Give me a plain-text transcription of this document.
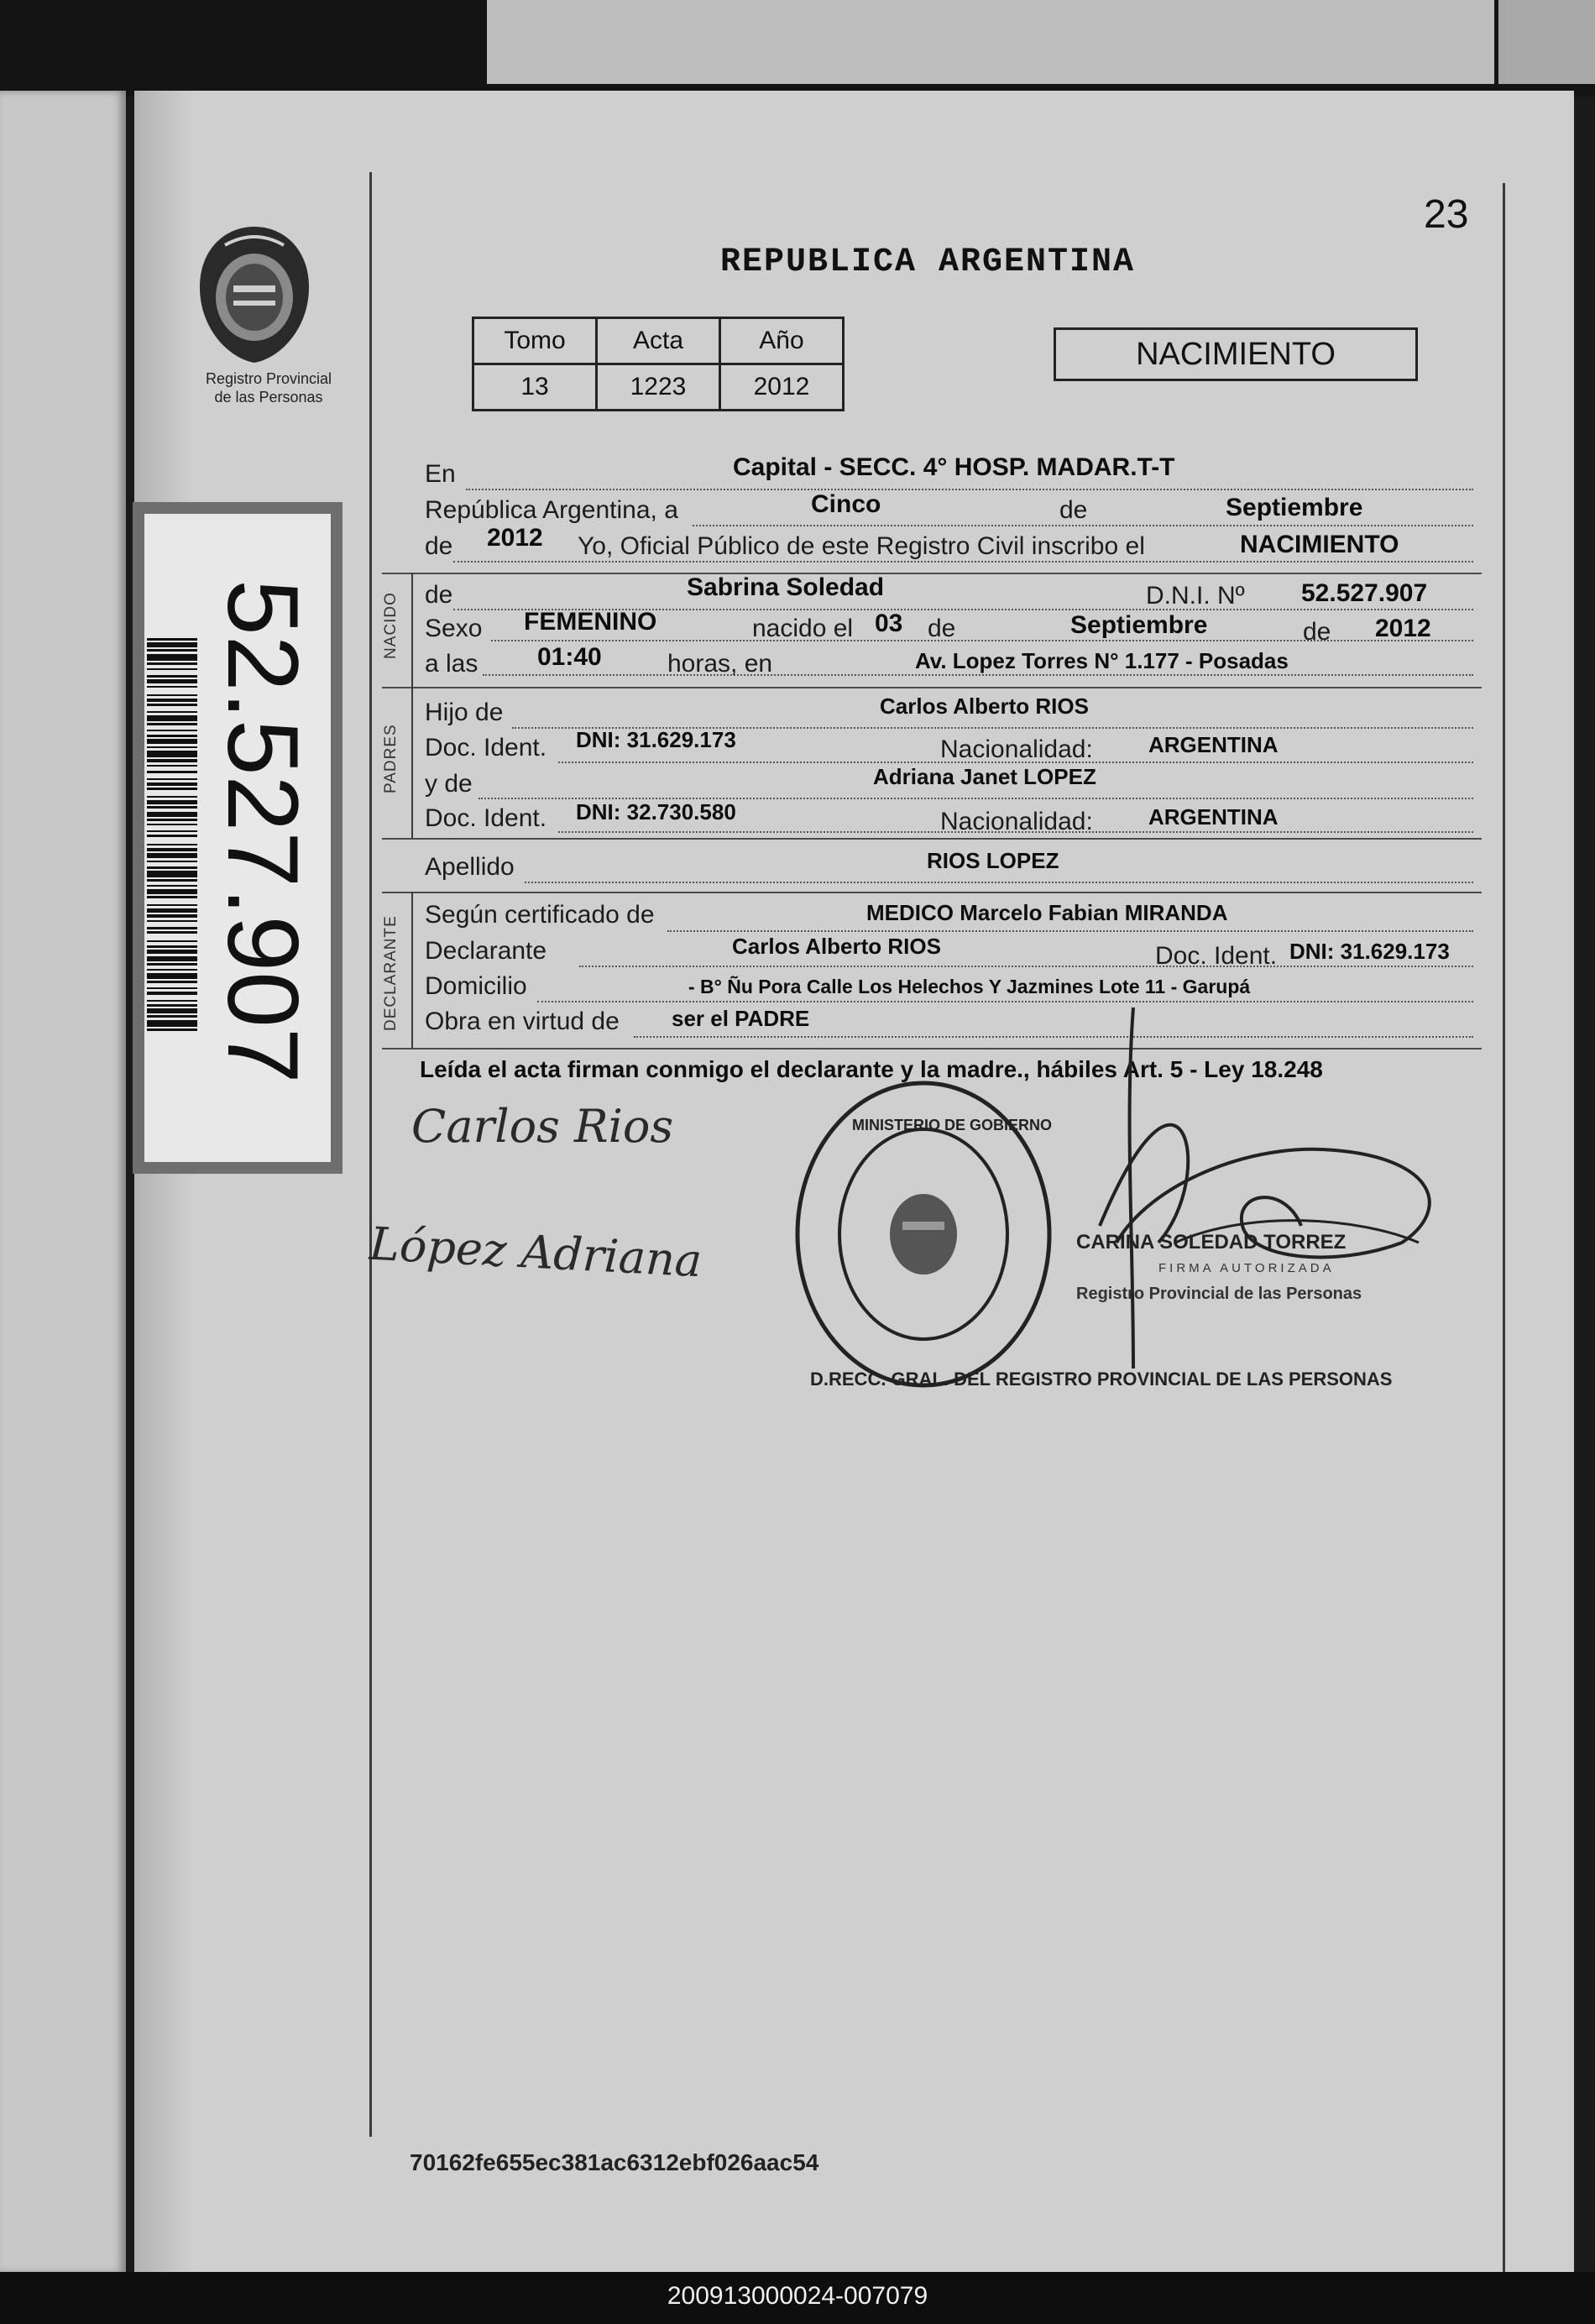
Registro Provincial
de las Personas
52.527.907
23
REPUBLICA ARGENTINA
Tomo	Acta	Año
13	1223	2012
NACIMIENTO
NACIDO
PADRES
DECLARANTE
En	Capital - SECC. 4° HOSP. MADAR.T-T
República Argentina, a	Cinco	de	Septiembre
de 2012 Yo, Oficial Público de este Registro Civil inscribo el	NACIMIENTO
de	Sabrina Soledad	D.N.I. Nº 52.527.907
Sexo FEMENINO	nacido el 03 de	Septiembre	de 2012
a las 01:40	horas, en	Av. Lopez Torres N° 1.177 - Posadas
Hijo de	Carlos Alberto RIOS
Doc. Ident. DNI: 31.629.173	Nacionalidad:	ARGENTINA
y de	Adriana Janet LOPEZ
Doc. Ident. DNI: 32.730.580	Nacionalidad:	ARGENTINA
Apellido	RIOS LOPEZ
Según certificado de	MEDICO Marcelo Fabian MIRANDA
Declarante	Carlos Alberto RIOS	Doc. Ident. DNI: 31.629.173
Domicilio	- B° Ñu Pora Calle Los Helechos Y Jazmines Lote 11 - Garupá
Obra en virtud de ser el PADRE
Leída el acta firman conmigo el declarante y la madre., hábiles Art. 5 - Ley 18.248
Carlos Rios
López Adriana
D.RECC. GRAL. DEL REGISTRO PROVINCIAL DE LAS PERSONAS
MINISTERIO DE GOBIERNO
CARINA SOLEDAD TORREZ
FIRMA AUTORIZADA
Registro Provincial de las Personas
70162fe655ec381ac6312ebf026aac54
200913000024-007079
